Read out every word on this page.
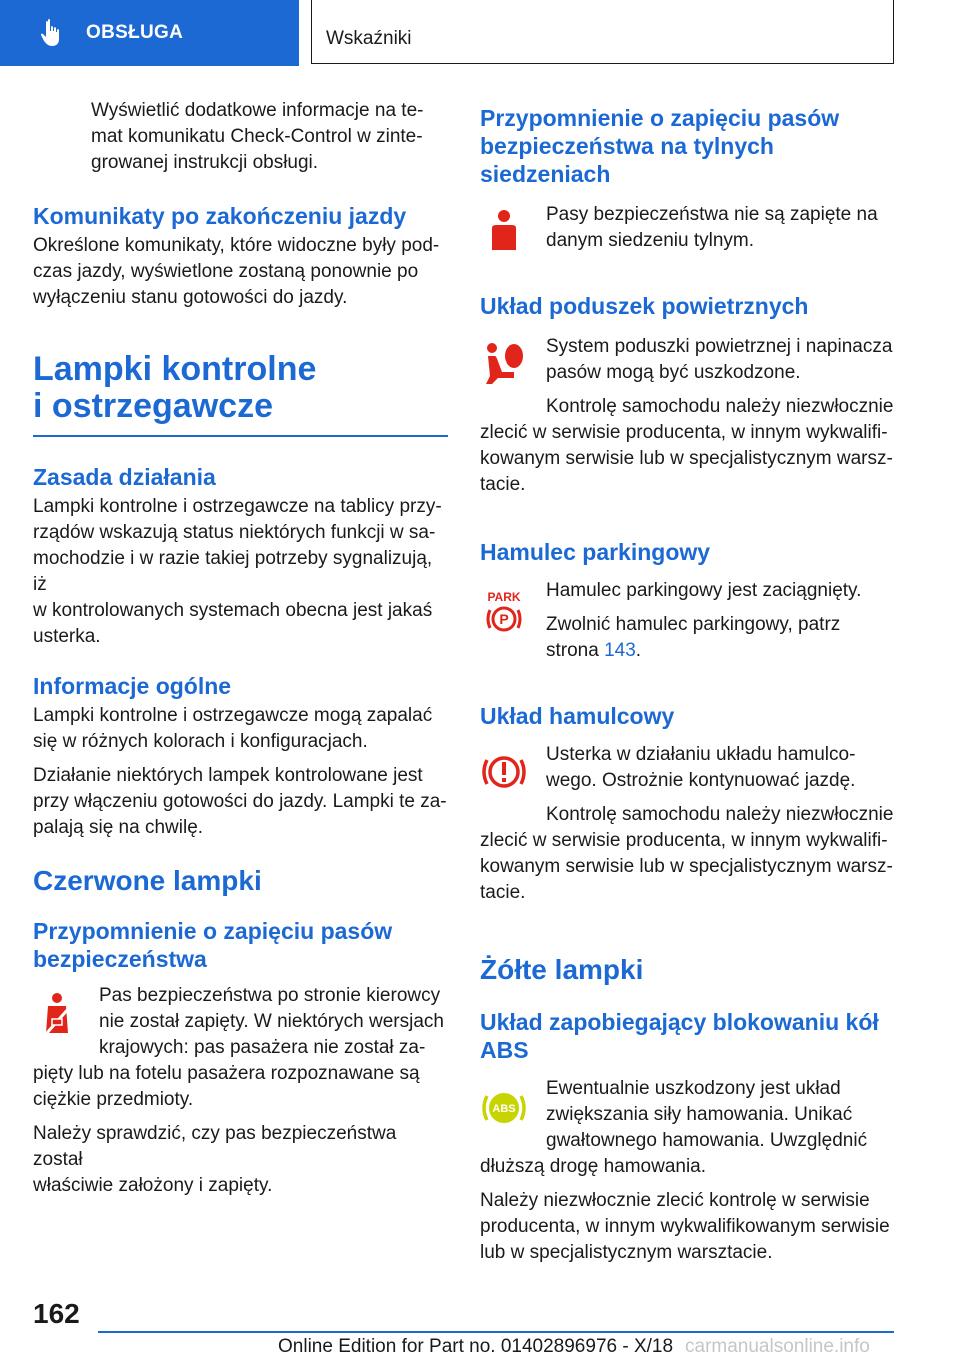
OBSŁUGA	Wskaźniki

Wyświetlić dodatkowe informacje na te-
mat komunikatu Check-Control w zinte-
growanej instrukcji obsługi.

Komunikaty po zakończeniu jazdy

Określone komunikaty, które widoczne były pod-
czas jazdy, wyświetlone zostaną ponownie po
wyłączeniu stanu gotowości do jazdy.

Lampki kontrolne
i ostrzegawcze
Zasada działania

Lampki kontrolne i ostrzegawcze na tablicy przy-
rządów wskazują status niektórych funkcji w sa-
mochodzie i w razie takiej potrzeby sygnalizują, iż
w kontrolowanych systemach obecna jest jakaś
usterka.

Informacje ogólne

Lampki kontrolne i ostrzegawcze mogą zapalać
się w różnych kolorach i konfiguracjach.

Działanie niektórych lampek kontrolowane jest
przy włączeniu gotowości do jazdy. Lampki te za-
palają się na chwilę.

Czerwone lampki
Przypomnienie o zapięciu pasów
bezpieczeństwa

Pas bezpieczeństwa po stronie kierowcy
nie został zapięty. W niektórych wersjach
krajowych: pas pasażera nie został za-

pięty lub na fotelu pasażera rozpoznawane są
ciężkie przedmioty.

Należy sprawdzić, czy pas bezpieczeństwa został
właściwie założony i zapięty.

Przypomnienie o zapięciu pasów
bezpieczeństwa na tylnych
siedzeniach

Pasy bezpieczeństwa nie są zapięte na
danym siedzeniu tylnym.

Układ poduszek powietrznych

System poduszki powietrznej i napinacza
pasów mogą być uszkodzone.

Kontrolę samochodu należy niezwłocznie

zlecić w serwisie producenta, w innym wykwalifi-
kowanym serwisie lub w specjalistycznym warsz-
tacie.

Hamulec parkingowy
PARK
P

Hamulec parkingowy jest zaciągnięty.

Zwolnić hamulec parkingowy, patrz
strona 143.

Układ hamulcowy

Usterka w działaniu układu hamulco-
wego. Ostrożnie kontynuować jazdę.

Kontrolę samochodu należy niezwłocznie

zlecić w serwisie producenta, w innym wykwalifi-
kowanym serwisie lub w specjalistycznym warsz-
tacie.

Żółte lampki
Układ zapobiegający blokowaniu kół
ABS
ABS

Ewentualnie uszkodzony jest układ
zwiększania siły hamowania. Unikać
gwałtownego hamowania. Uwzględnić

dłuższą drogę hamowania.

Należy niezwłocznie zlecić kontrolę w serwisie
producenta, w innym wykwalifikowanym serwisie
lub w specjalistycznym warsztacie.

162
Online Edition for Part no. 01402896976 - X/18 carmanualsonline.info
